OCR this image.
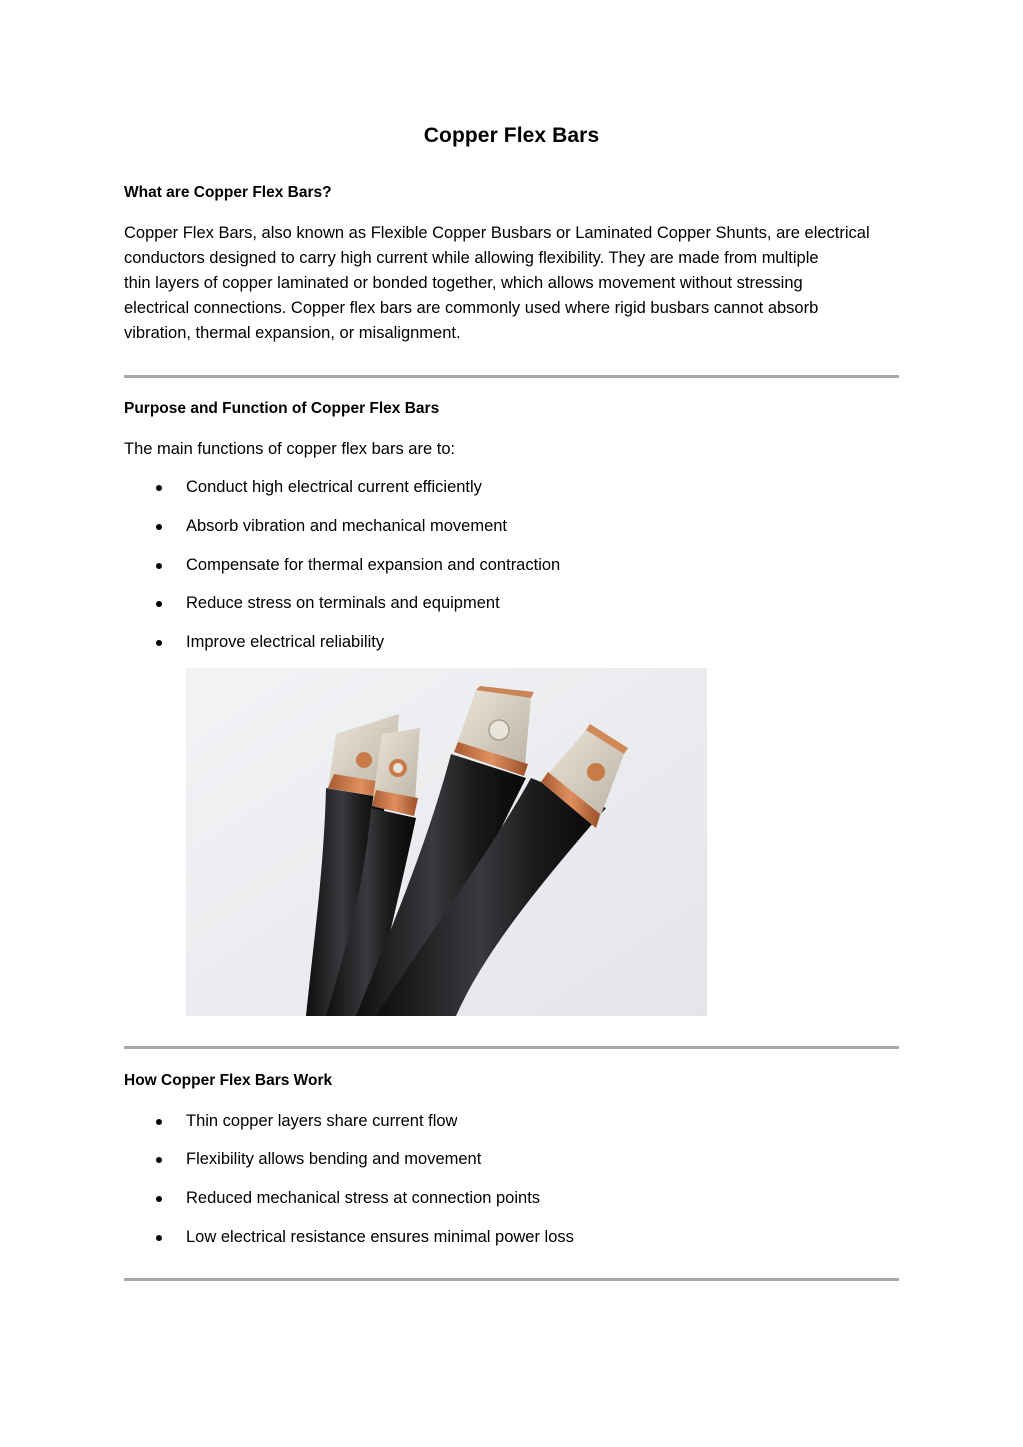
Copper Flex Bars
What are Copper Flex Bars?
Copper Flex Bars, also known as Flexible Copper Busbars or Laminated Copper Shunts, are electrical
conductors designed to carry high current while allowing flexibility. They are made from multiple
thin layers of copper laminated or bonded together, which allows movement without stressing
electrical connections. Copper flex bars are commonly used where rigid busbars cannot absorb
vibration, thermal expansion, or misalignment.
Purpose and Function of Copper Flex Bars
The main functions of copper flex bars are to:
Conduct high electrical current efficiently
Absorb vibration and mechanical movement
Compensate for thermal expansion and contraction
Reduce stress on terminals and equipment
Improve electrical reliability
How Copper Flex Bars Work
Thin copper layers share current flow
Flexibility allows bending and movement
Reduced mechanical stress at connection points
Low electrical resistance ensures minimal power loss
